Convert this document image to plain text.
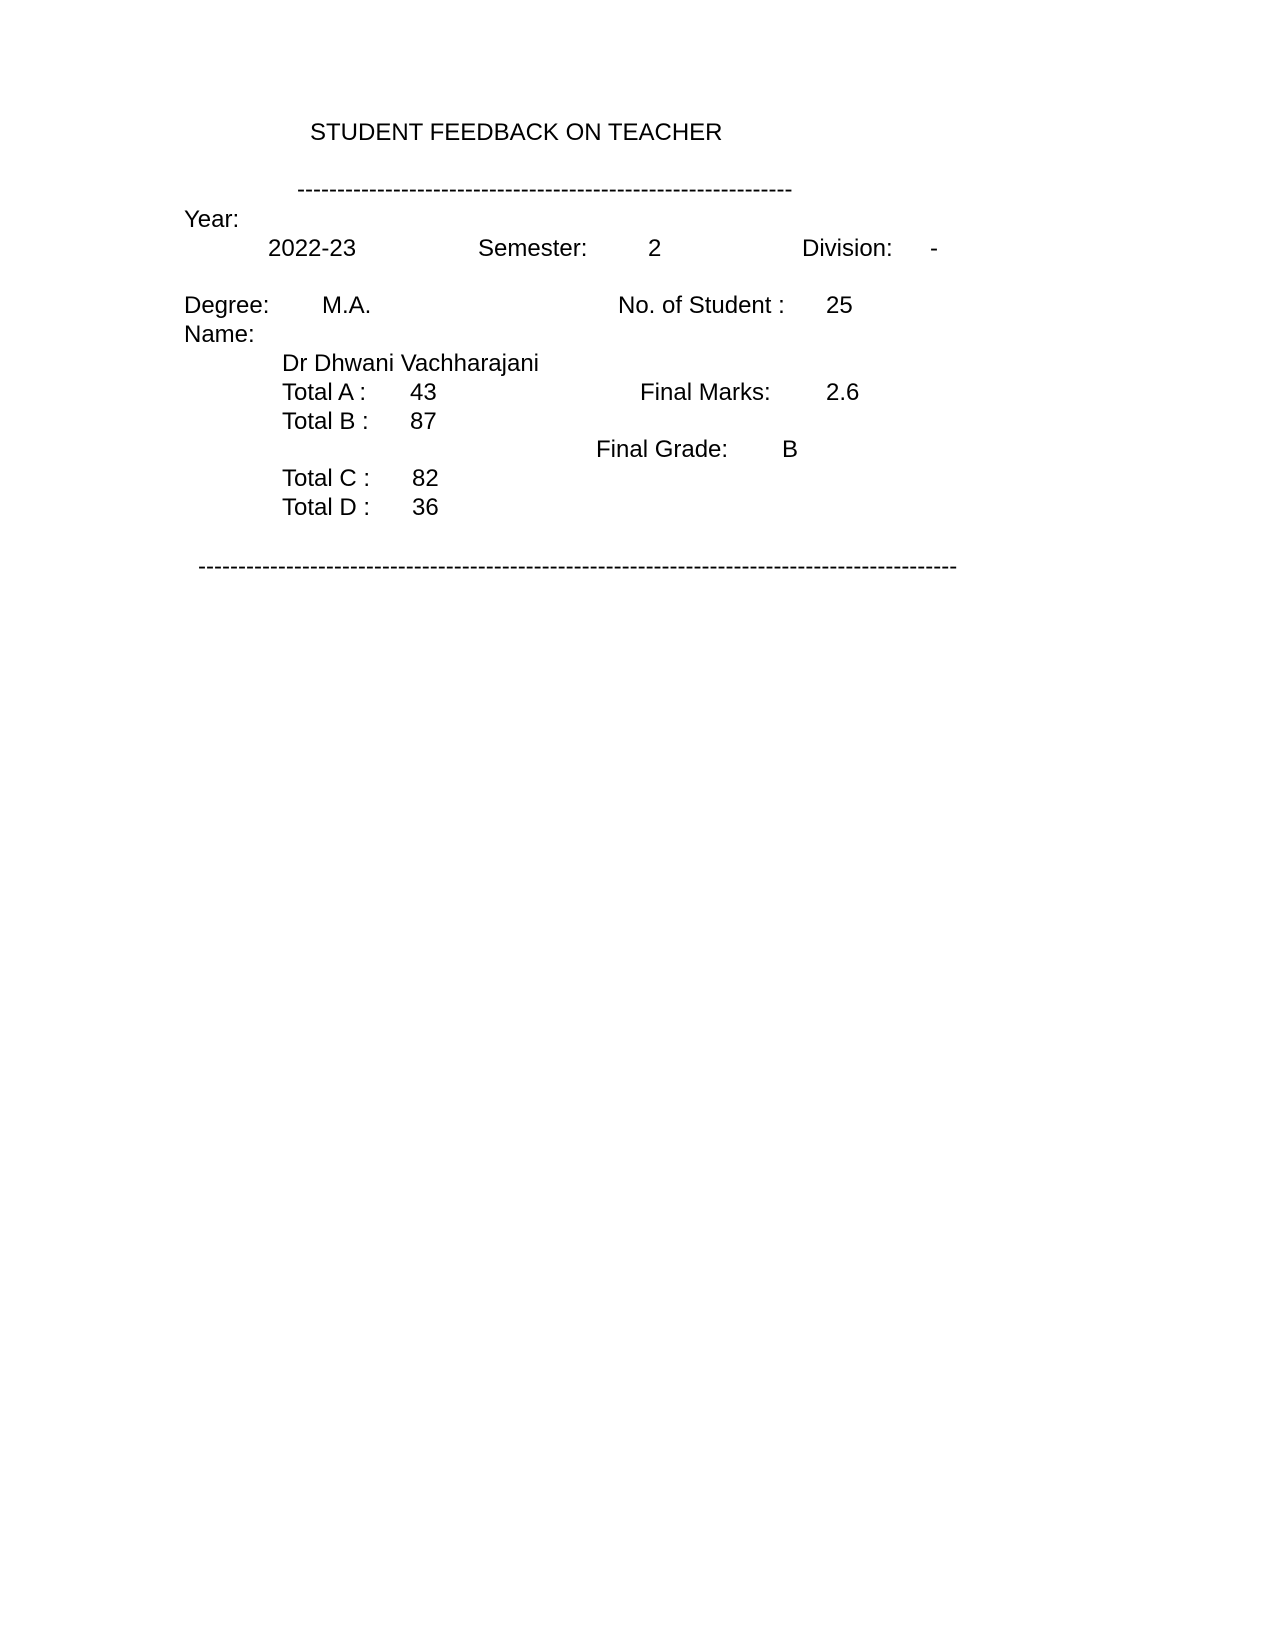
STUDENT FEEDBACK ON TEACHER
--------------------------------------------------------------
Year:
2022-23	Semester:	2	Division: -
Degree: M.A.	No. of Student : 25
Name:
Dr Dhwani Vachharajani
Total A : 43	Final Marks: 2.6
Total B : 87
Final Grade: B
Total C : 82
Total D : 36
-----------------------------------------------------------------------------------------------
